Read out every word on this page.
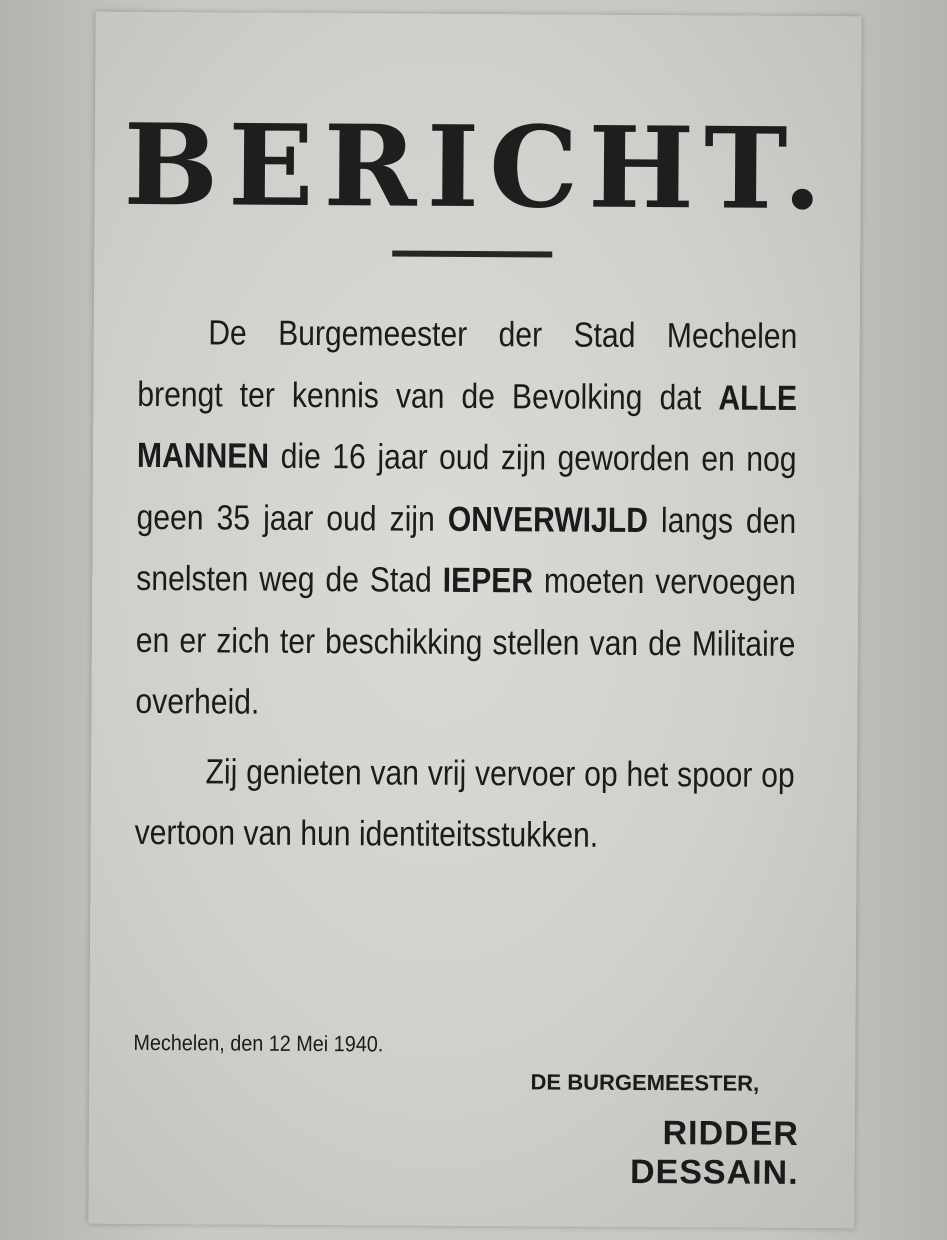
BERICHT.

De Burgemeester der Stad Mechelen brengt ter kennis van de Bevolking dat ALLE MANNEN die 16 jaar oud zijn geworden en nog geen 35 jaar oud zijn ONVERWIJLD langs den snelsten weg de Stad IEPER moeten vervoegen en er zich ter beschikking stellen van de Militaire overheid.

Zij genieten van vrij vervoer op het spoor op vertoon van hun identiteitsstukken.

Mechelen, den 12 Mei 1940.
DE BURGEMEESTER,
RIDDER DESSAIN.
